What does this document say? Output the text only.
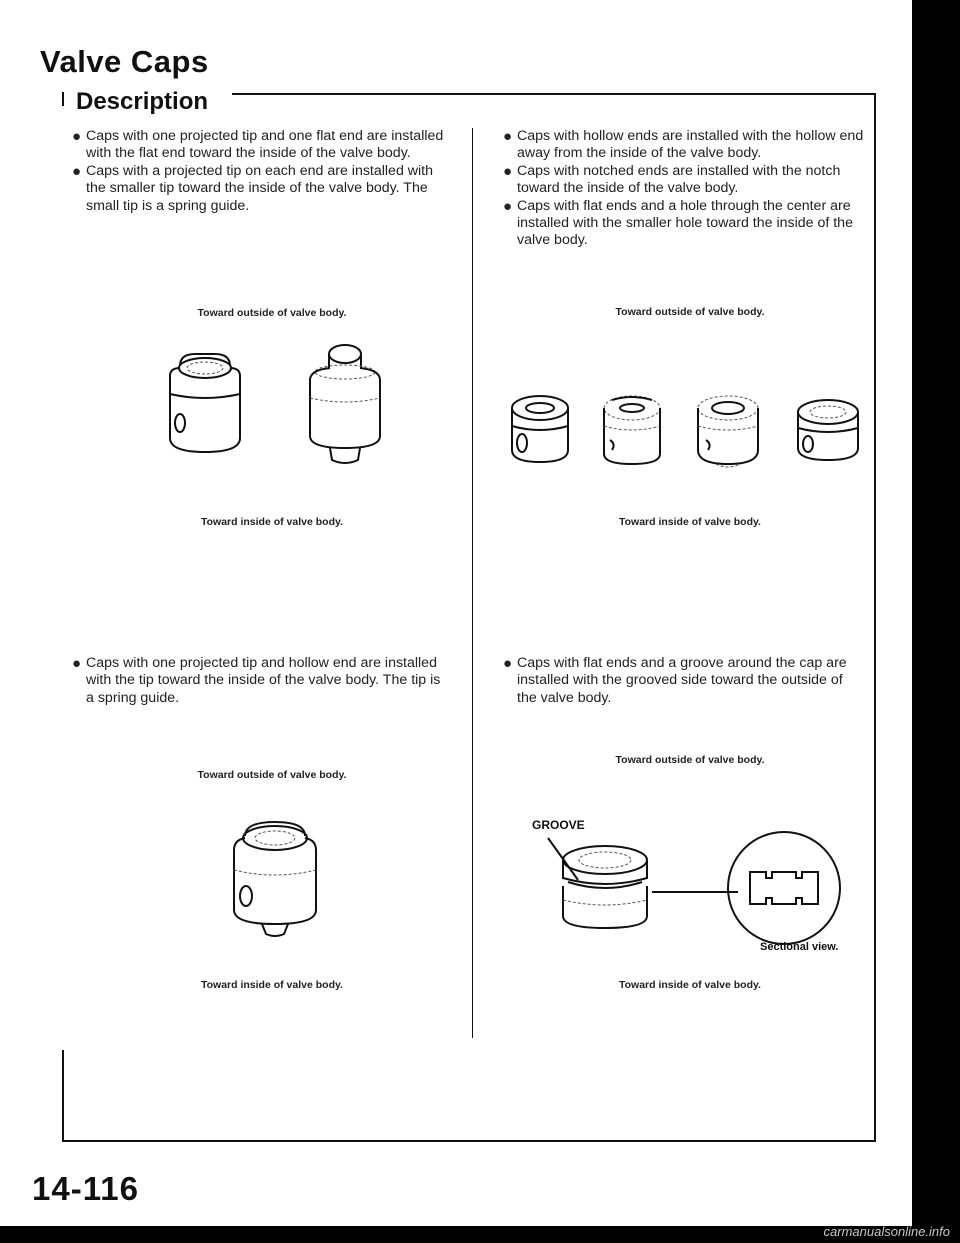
Valve Caps
Description
● Caps with one projected tip and one flat end are installed with the flat end toward the inside of the valve body.
● Caps with a projected tip on each end are installed with the smaller tip toward the inside of the valve body. The small tip is a spring guide.
Toward outside of valve body.
Toward inside of valve body.
● Caps with one projected tip and hollow end are installed with the tip toward the inside of the valve body. The tip is a spring guide.
Toward outside of valve body.
Toward inside of valve body.
● Caps with hollow ends are installed with the hollow end away from the inside of the valve body.
● Caps with notched ends are installed with the notch toward the inside of the valve body.
● Caps with flat ends and a hole through the center are installed with the smaller hole toward the inside of the valve body.
Toward outside of valve body.
Toward inside of valve body.
● Caps with flat ends and a groove around the cap are installed with the grooved side toward the outside of the valve body.
Toward outside of valve body.
GROOVE
Sectional view.
Toward inside of valve body.
14-116
carmanualsonline.info
